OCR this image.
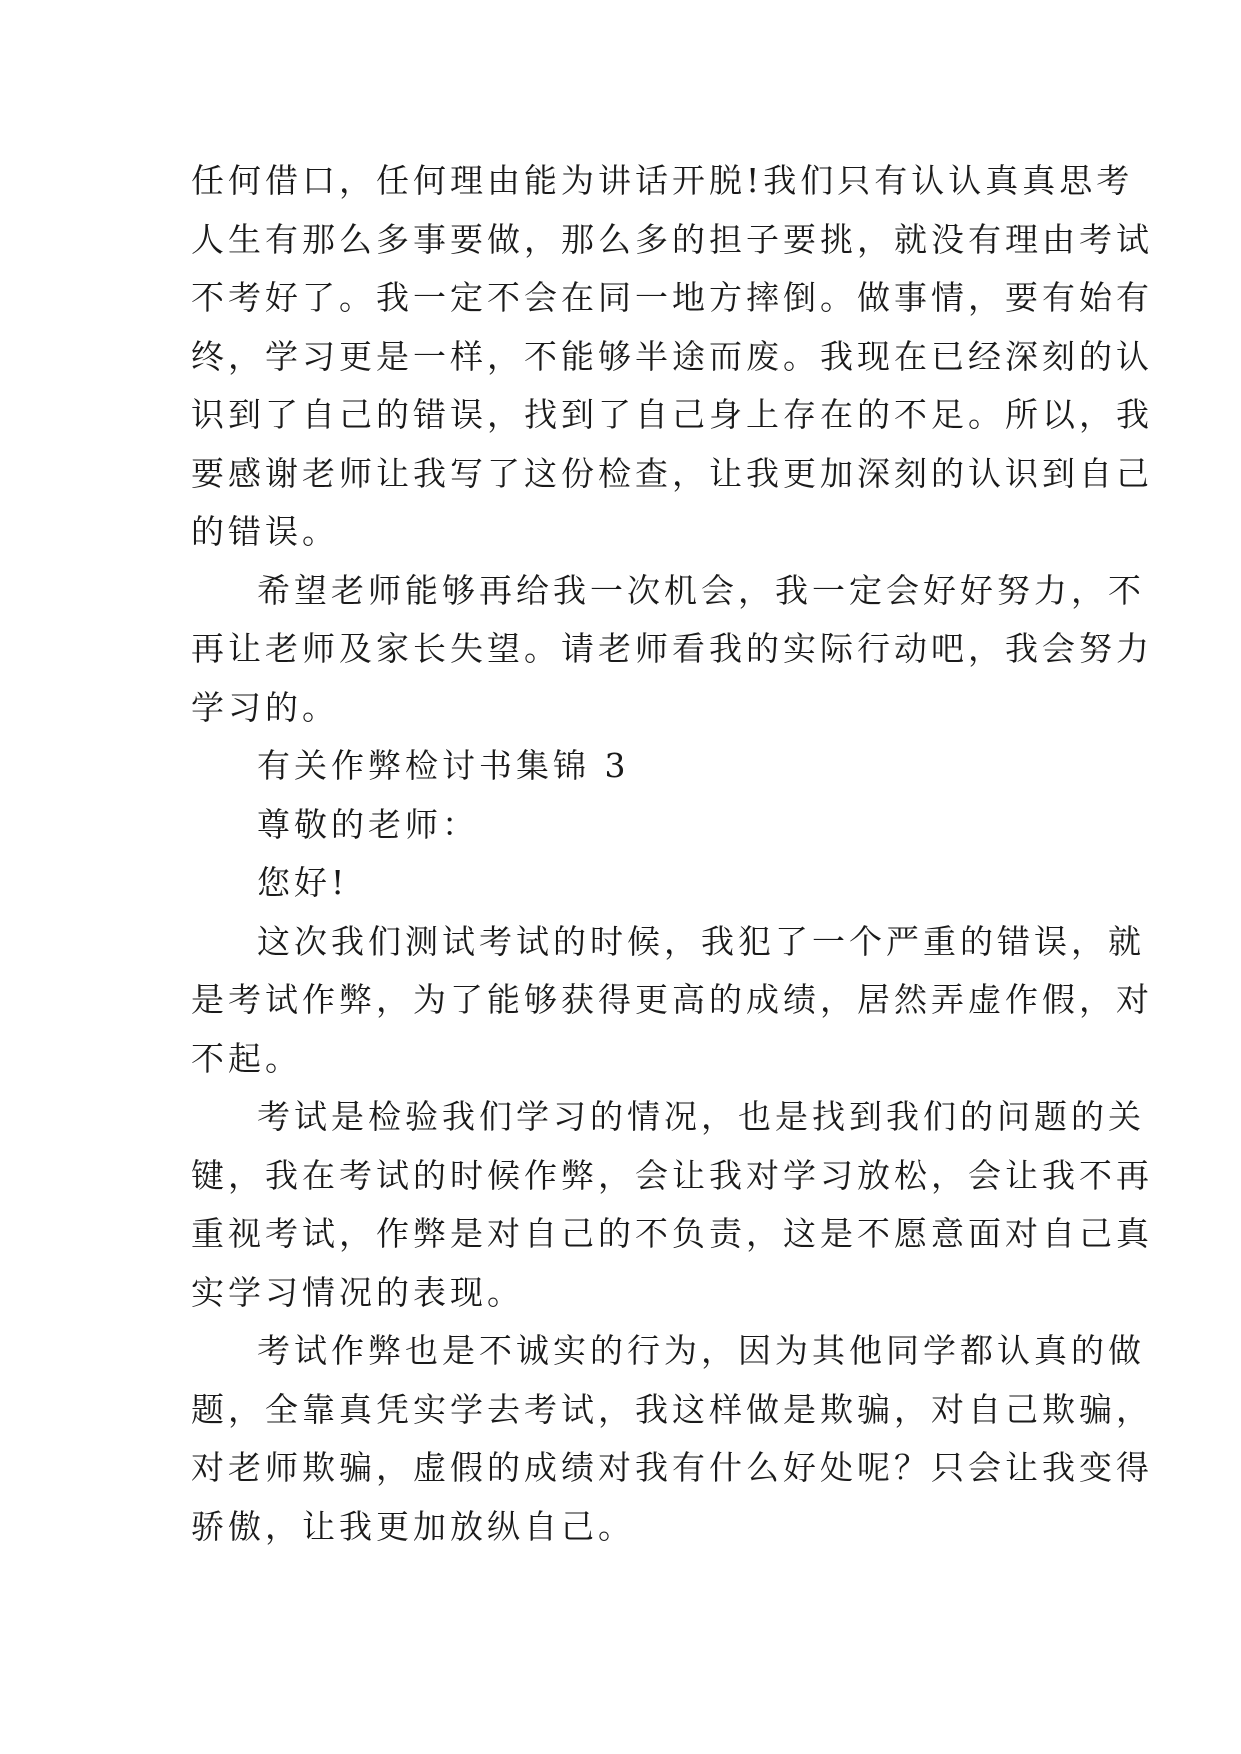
任何借口，任何理由能为讲话开脱!我们只有认认真真思考
人生有那么多事要做，那么多的担子要挑，就没有理由考试
不考好了。我一定不会在同一地方摔倒。做事情，要有始有
终，学习更是一样，不能够半途而废。我现在已经深刻的认
识到了自己的错误，找到了自己身上存在的不足。所以，我
要感谢老师让我写了这份检查，让我更加深刻的认识到自己
的错误。
希望老师能够再给我一次机会，我一定会好好努力，不
再让老师及家长失望。请老师看我的实际行动吧，我会努力
学习的。
有关作弊检讨书集锦 3
尊敬的老师：
您好!
这次我们测试考试的时候，我犯了一个严重的错误，就
是考试作弊，为了能够获得更高的成绩，居然弄虚作假，对
不起。
考试是检验我们学习的情况，也是找到我们的问题的关
键，我在考试的时候作弊，会让我对学习放松，会让我不再
重视考试，作弊是对自己的不负责，这是不愿意面对自己真
实学习情况的表现。
考试作弊也是不诚实的行为，因为其他同学都认真的做
题，全靠真凭实学去考试，我这样做是欺骗，对自己欺骗，
对老师欺骗，虚假的成绩对我有什么好处呢？只会让我变得
骄傲，让我更加放纵自己。
